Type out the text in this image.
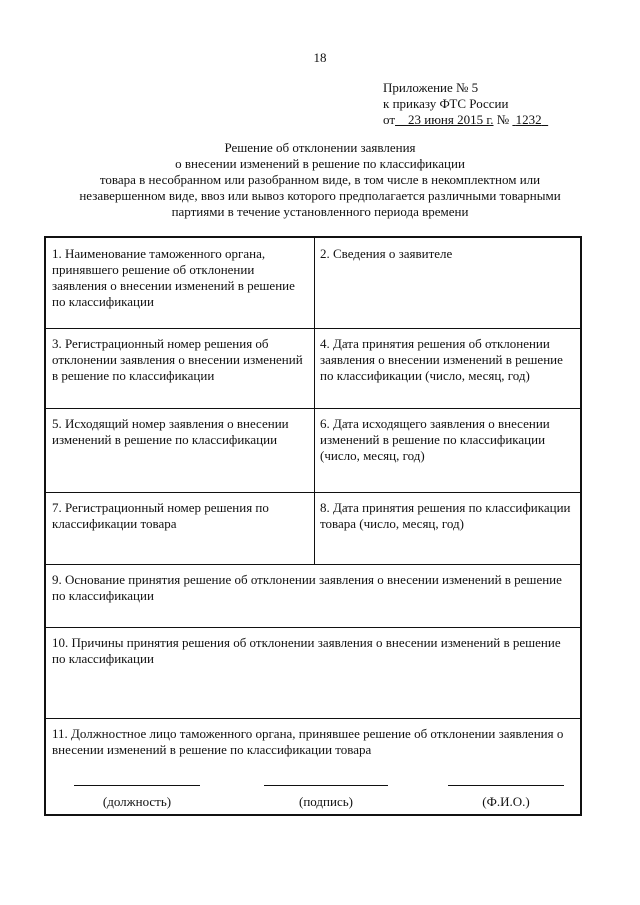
18
Приложение № 5
к приказу ФТС России
от 23 июня 2015 г. № 1232
Решение об отклонении заявления
о внесении изменений в решение по классификации
товара в несобранном или разобранном виде, в том числе в некомплектном или
незавершенном виде, ввоз или вывоз которого предполагается различными товарными
партиями в течение установленного периода времени
1. Наименование таможенного органа, принявшего решение об отклонении заявления о внесении изменений в решение по классификации
2. Сведения о заявителе
3. Регистрационный номер решения об отклонении заявления о внесении изменений в решение по классификации
4. Дата принятия решения об отклонении заявления о внесении изменений в решение по классификации (число, месяц, год)
5. Исходящий номер заявления о внесении изменений в решение по классификации
6. Дата исходящего заявления о внесении изменений в решение по классификации (число, месяц, год)
7. Регистрационный номер решения по классификации товара
8. Дата принятия решения по классификации товара (число, месяц, год)
9. Основание принятия решение об отклонении заявления о внесении изменений в решение по классификации
10. Причины принятия решения об отклонении заявления о внесении изменений в решение по классификации
11. Должностное лицо таможенного органа, принявшее решение об отклонении заявления о внесении изменений в решение по классификации товара
(должность)	(подпись)	(Ф.И.О.)
